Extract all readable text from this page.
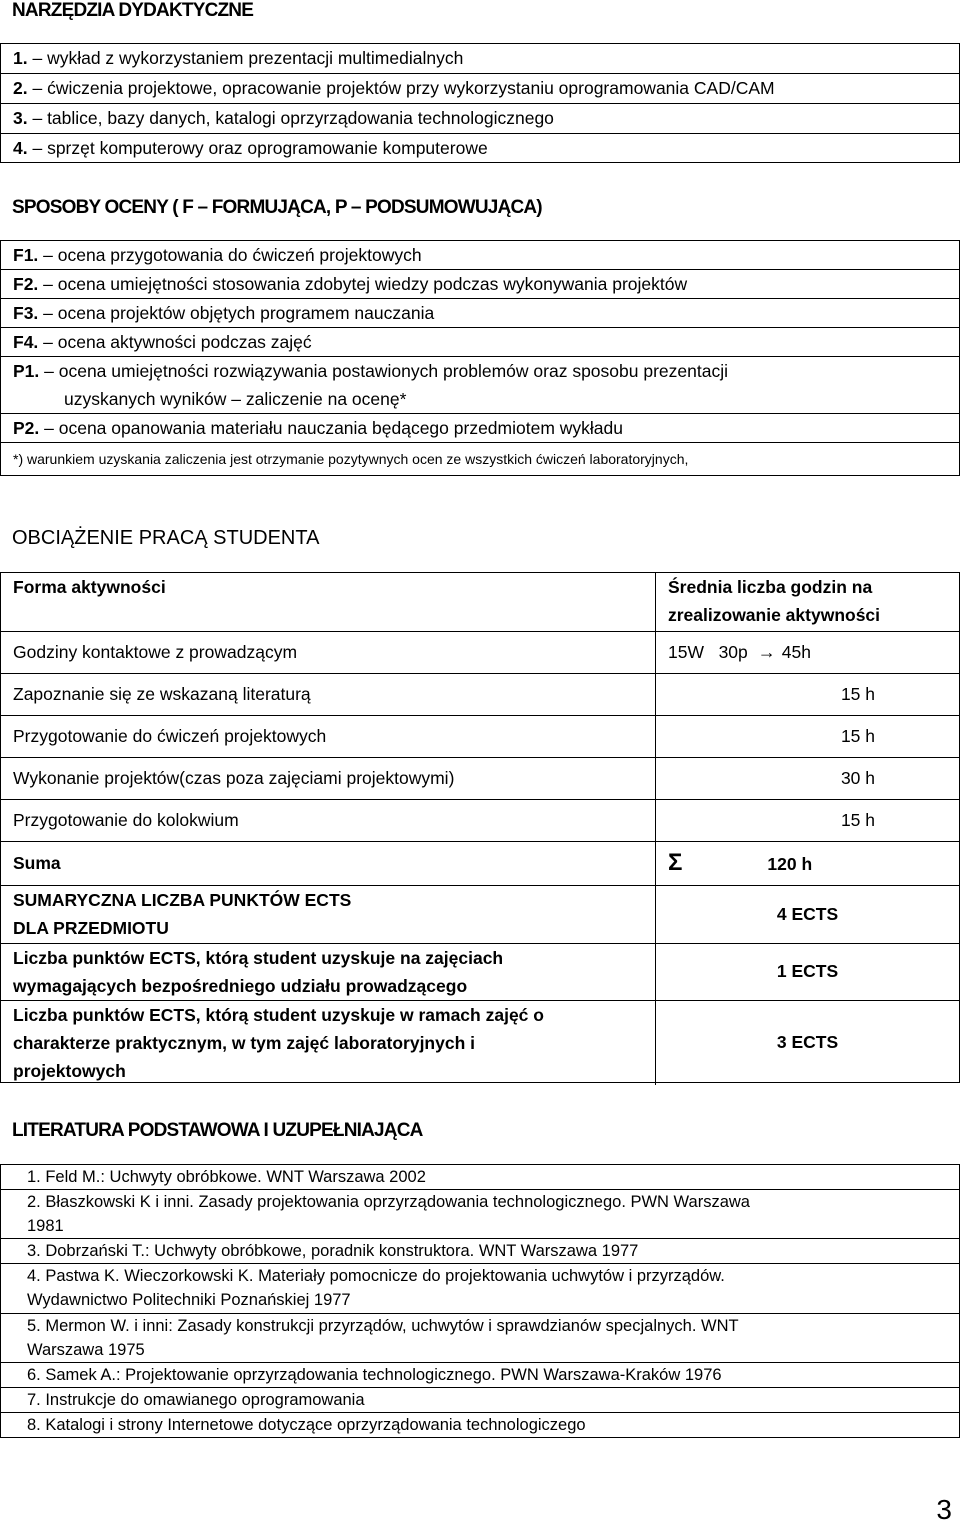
NARZĘDZIA DYDAKTYCZNE
1. – wykład z wykorzystaniem prezentacji multimedialnych
2. – ćwiczenia projektowe, opracowanie projektów przy wykorzystaniu oprogramowania CAD/CAM
3. – tablice, bazy danych, katalogi oprzyrządowania technologicznego
4. – sprzęt komputerowy oraz oprogramowanie komputerowe
SPOSOBY OCENY ( F – FORMUJĄCA, P – PODSUMOWUJĄCA)
F1. – ocena przygotowania do ćwiczeń projektowych
F2. – ocena umiejętności stosowania zdobytej wiedzy podczas wykonywania projektów
F3. – ocena projektów objętych programem nauczania
F4. – ocena aktywności podczas zajęć
P1. – ocena umiejętności rozwiązywania postawionych problemów oraz sposobu prezentacji
uzyskanych wyników – zaliczenie na ocenę*
P2. – ocena opanowania materiału nauczania będącego przedmiotem wykładu
*) warunkiem uzyskania zaliczenia jest otrzymanie pozytywnych ocen ze wszystkich ćwiczeń laboratoryjnych,
OBCIĄŻENIE PRACĄ STUDENTA
Forma aktywności	Średnia liczba godzin na
zrealizowanie aktywności
Godziny kontaktowe z prowadzącym	15W 30p → 45h
Zapoznanie się ze wskazaną literaturą	15 h
Przygotowanie do ćwiczeń projektowych	15 h
Wykonanie projektów(czas poza zajęciami projektowymi)	30 h
Przygotowanie do kolokwium	15 h
Suma	Σ 120 h
SUMARYCZNA LICZBA PUNKTÓW ECTS
DLA PRZEDMIOTU	4 ECTS
Liczba punktów ECTS, którą student uzyskuje na zajęciach
wymagających bezpośredniego udziału prowadzącego	1 ECTS
Liczba punktów ECTS, którą student uzyskuje w ramach zajęć o
charakterze praktycznym, w tym zajęć laboratoryjnych i
projektowych	3 ECTS
LITERATURA PODSTAWOWA I UZUPEŁNIAJĄCA
1. Feld M.: Uchwyty obróbkowe. WNT Warszawa 2002
2. Błaszkowski K i inni. Zasady projektowania oprzyrządowania technologicznego. PWN Warszawa
1981
3. Dobrzański T.: Uchwyty obróbkowe, poradnik konstruktora. WNT Warszawa 1977
4. Pastwa K. Wieczorkowski K. Materiały pomocnicze do projektowania uchwytów i przyrządów.
Wydawnictwo Politechniki Poznańskiej 1977
5. Mermon W. i inni: Zasady konstrukcji przyrządów, uchwytów i sprawdzianów specjalnych. WNT
Warszawa 1975
6. Samek A.: Projektowanie oprzyrządowania technologicznego. PWN Warszawa-Kraków 1976
7. Instrukcje do omawianego oprogramowania
8. Katalogi i strony Internetowe dotyczące oprzyrządowania technologiczego
3
